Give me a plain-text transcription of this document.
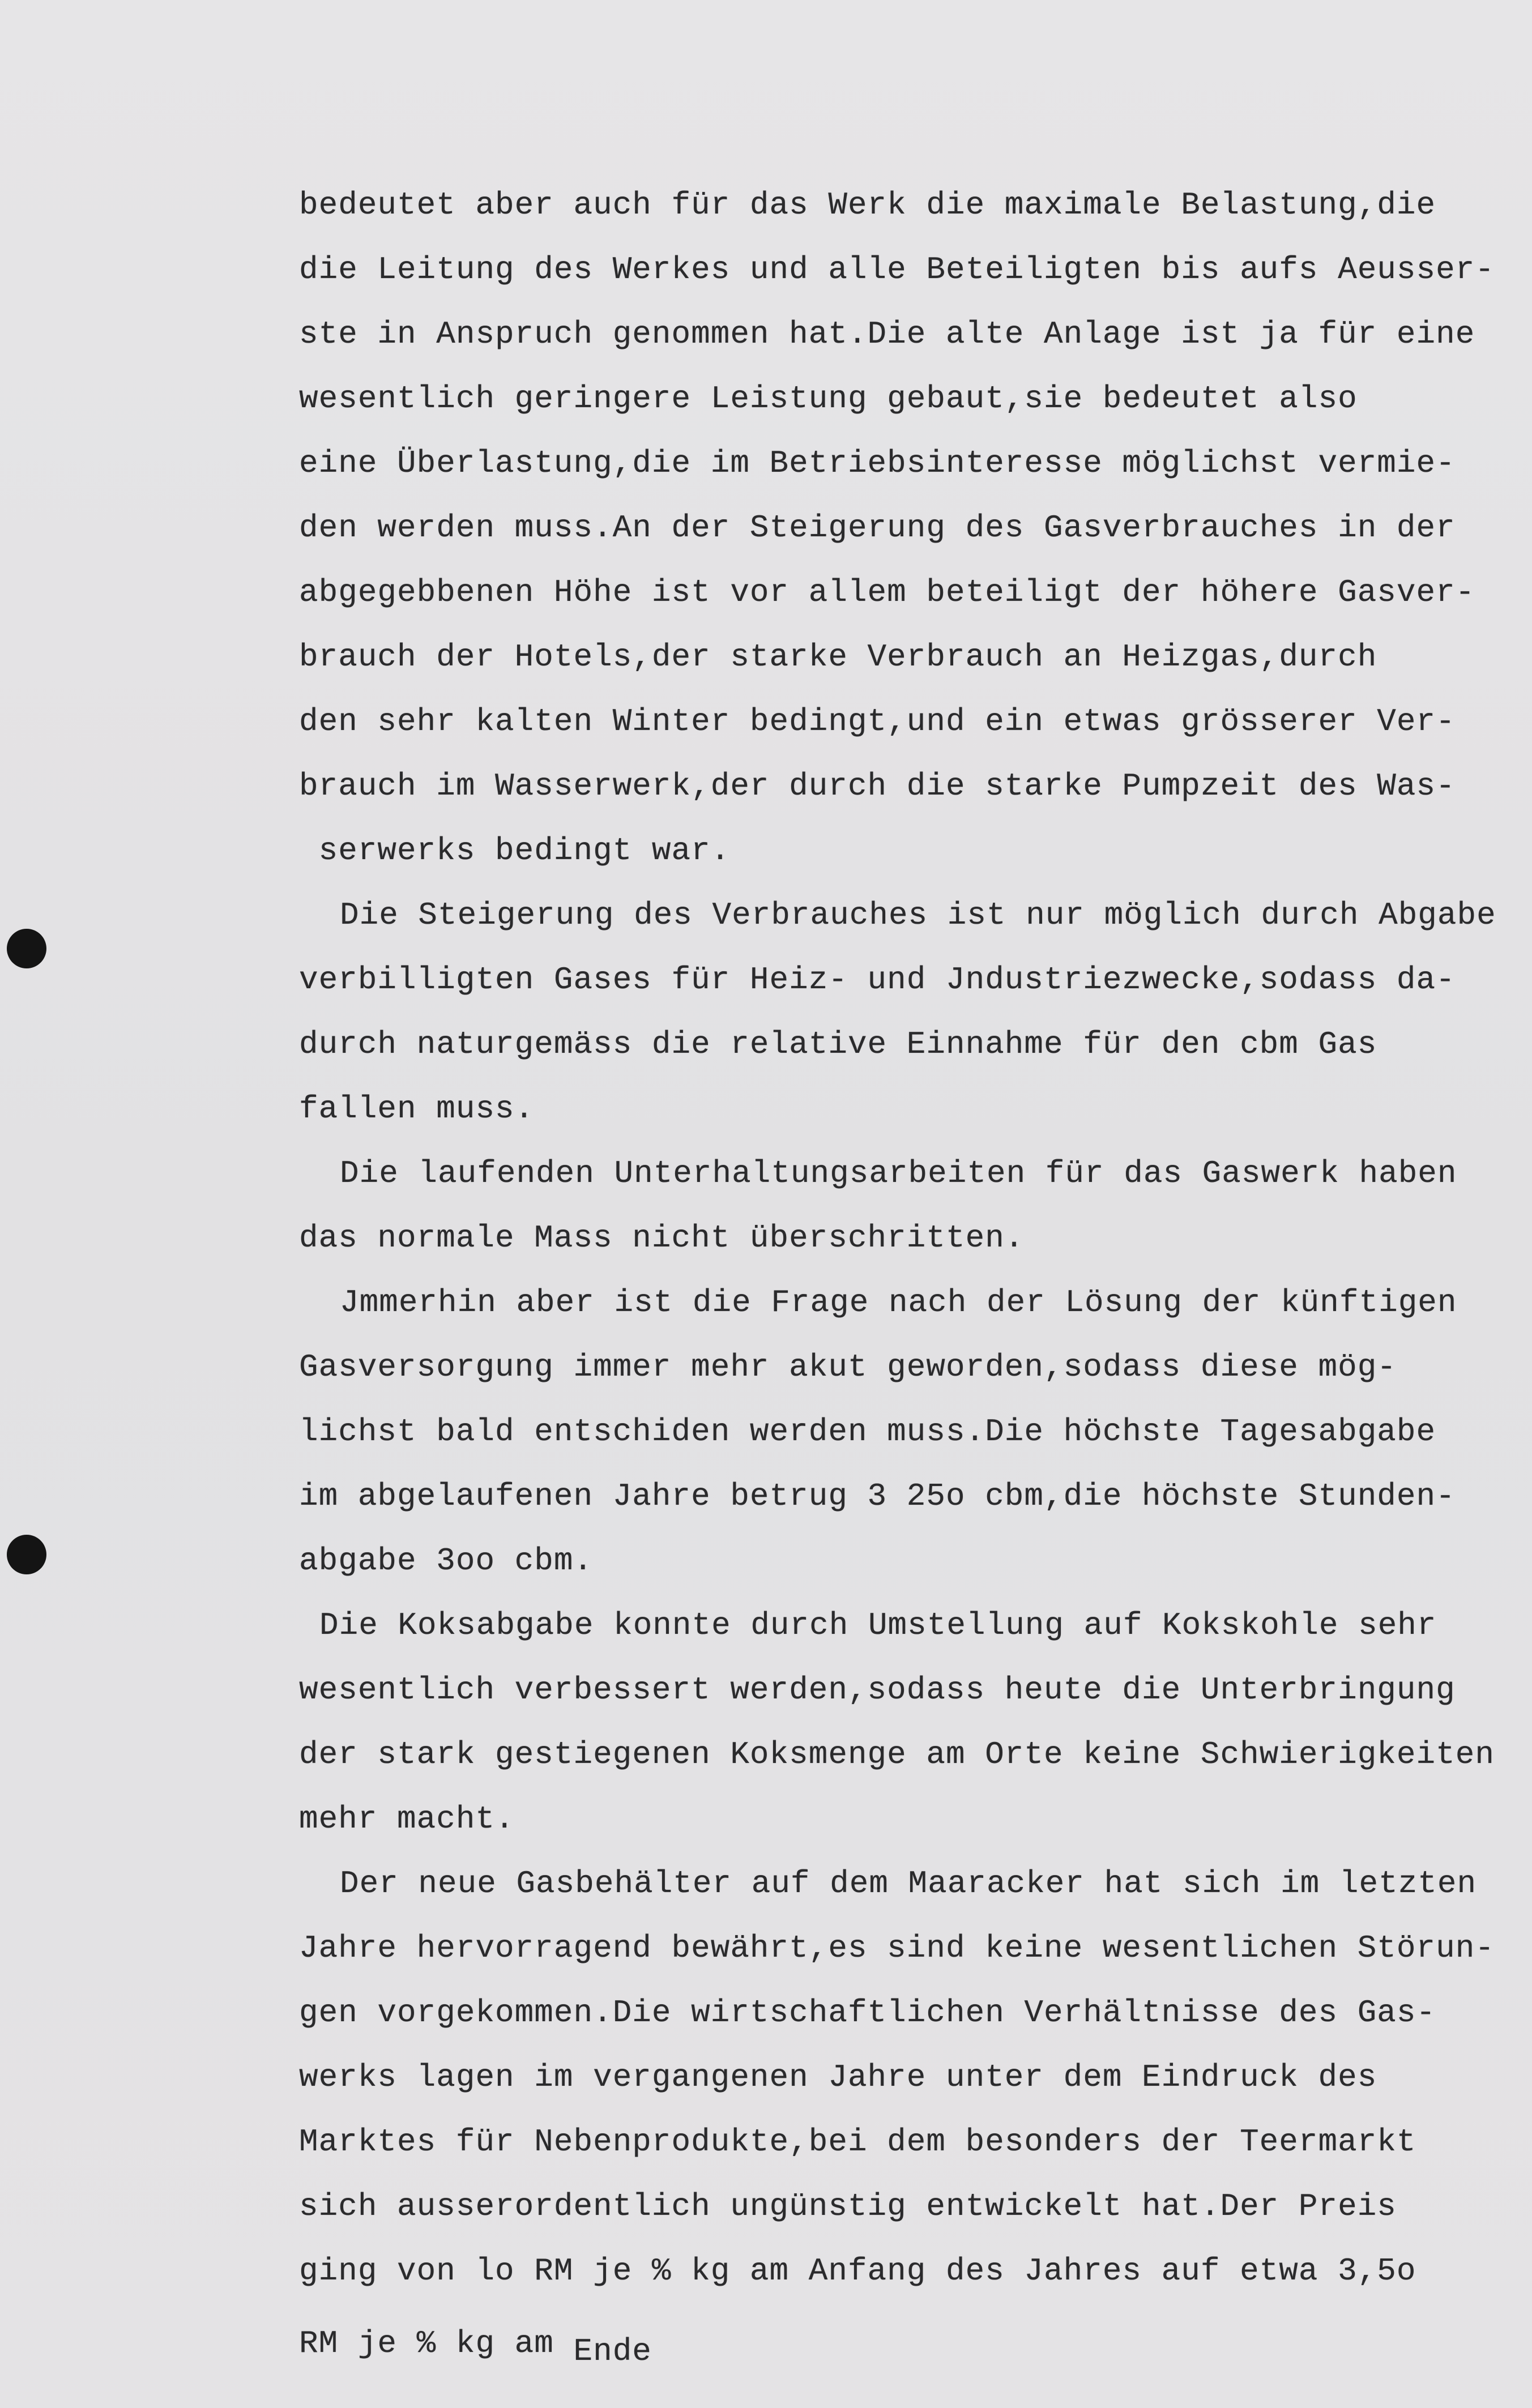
bedeutet aber auch für das Werk die maximale Belastung,die
die Leitung des Werkes und alle Beteiligten bis aufs Aeusser-
ste in Anspruch genommen hat.Die alte Anlage ist ja für eine
wesentlich geringere Leistung gebaut,sie bedeutet also
eine Überlastung,die im Betriebsinteresse möglichst vermie-
den werden muss.An der Steigerung des Gasverbrauches in der
abgegebbenen Höhe ist vor allem beteiligt der höhere Gasver-
brauch der Hotels,der starke Verbrauch an Heizgas,durch
den sehr kalten Winter bedingt,und ein etwas grösserer Ver-
brauch im Wasserwerk,der durch die starke Pumpzeit des Was-
serwerks bedingt war.
Die Steigerung des Verbrauches ist nur möglich durch Abgabe
verbilligten Gases für Heiz- und Jndustriezwecke,sodass da-
durch naturgemäss die relative Einnahme für den cbm Gas
fallen muss.
Die laufenden Unterhaltungsarbeiten für das Gaswerk haben
das normale Mass nicht überschritten.
Jmmerhin aber ist die Frage nach der Lösung der künftigen
Gasversorgung immer mehr akut geworden,sodass diese mög-
lichst bald entschiden werden muss.Die höchste Tagesabgabe
im abgelaufenen Jahre betrug 3 25o cbm,die höchste Stunden-
abgabe 3oo cbm.
Die Koksabgabe konnte durch Umstellung auf Kokskohle sehr
wesentlich verbessert werden,sodass heute die Unterbringung
der stark gestiegenen Koksmenge am Orte keine Schwierigkeiten
mehr macht.
Der neue Gasbehälter auf dem Maaracker hat sich im letzten
Jahre hervorragend bewährt,es sind keine wesentlichen Störun-
gen vorgekommen.Die wirtschaftlichen Verhältnisse des Gas-
werks lagen im vergangenen Jahre unter dem Eindruck des
Marktes für Nebenprodukte,bei dem besonders der Teermarkt
sich ausserordentlich ungünstig entwickelt hat.Der Preis
ging von lo RM je % kg am Anfang des Jahres auf etwa 3,5o
RM je % kg am Ende
